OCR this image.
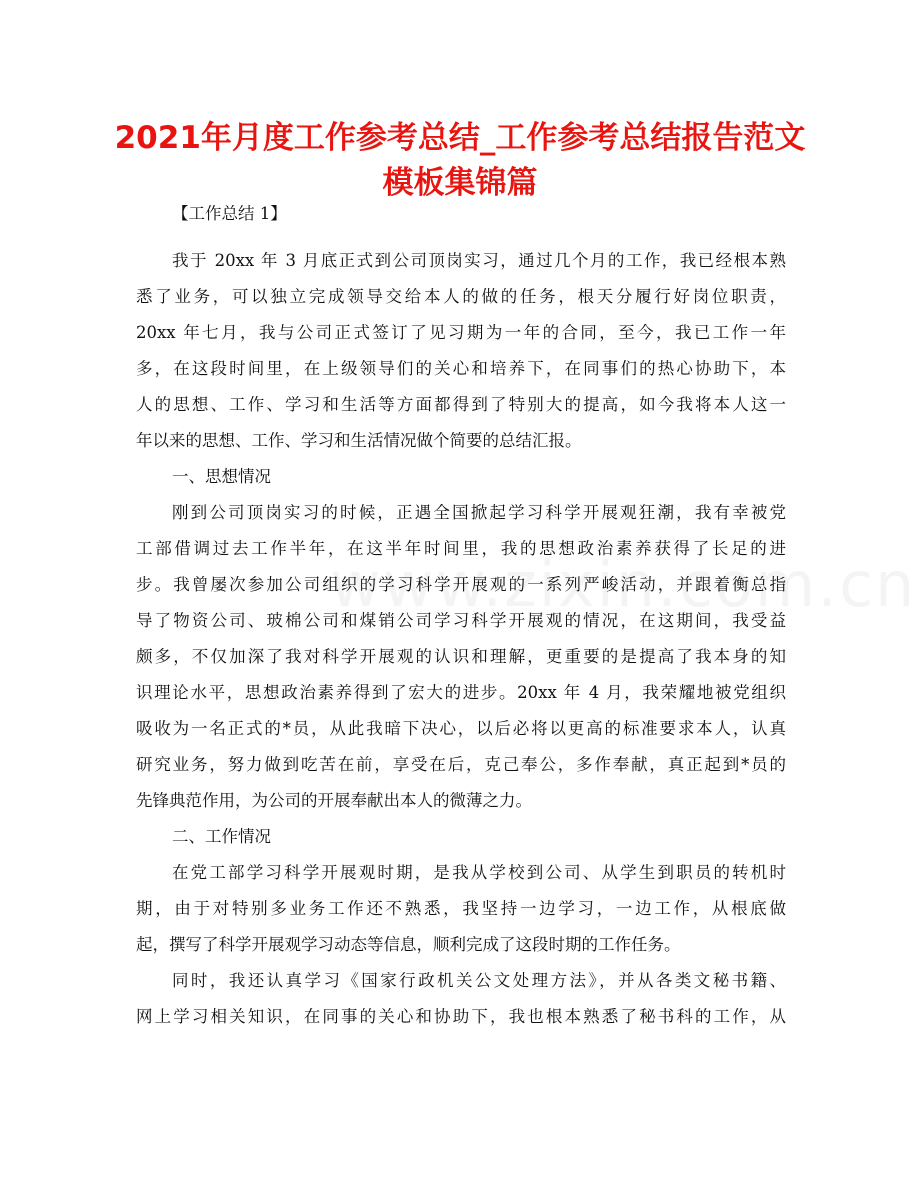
2021年月度工作参考总结_工作参考总结报告范文
模板集锦篇
【工作总结 1】
我于 20xx 年 3 月底正式到公司顶岗实习，通过几个月的工作，我已经根本熟
悉了业务，可以独立完成领导交给本人的做的任务，根天分履行好岗位职责，
20xx 年七月，我与公司正式签订了见习期为一年的合同，至今，我已工作一年
多，在这段时间里，在上级领导们的关心和培养下，在同事们的热心协助下，本
人的思想、工作、学习和生活等方面都得到了特别大的提高，如今我将本人这一
年以来的思想、工作、学习和生活情况做个简要的总结汇报。
一、思想情况
刚到公司顶岗实习的时候，正遇全国掀起学习科学开展观狂潮，我有幸被党
工部借调过去工作半年，在这半年时间里，我的思想政治素养获得了长足的进
步。我曾屡次参加公司组织的学习科学开展观的一系列严峻活动，并跟着衡总指
导了物资公司、玻棉公司和煤销公司学习科学开展观的情况，在这期间，我受益
颇多，不仅加深了我对科学开展观的认识和理解，更重要的是提高了我本身的知
识理论水平，思想政治素养得到了宏大的进步。20xx 年 4 月，我荣耀地被党组织
吸收为一名正式的*员，从此我暗下决心，以后必将以更高的标准要求本人，认真
研究业务，努力做到吃苦在前，享受在后，克己奉公，多作奉献，真正起到*员的
先锋典范作用，为公司的开展奉献出本人的微薄之力。
二、工作情况
在党工部学习科学开展观时期，是我从学校到公司、从学生到职员的转机时
期，由于对特别多业务工作还不熟悉，我坚持一边学习，一边工作，从根底做
起，撰写了科学开展观学习动态等信息，顺利完成了这段时期的工作任务。
同时，我还认真学习《国家行政机关公文处理方法》，并从各类文秘书籍、
网上学习相关知识，在同事的关心和协助下，我也根本熟悉了秘书科的工作，从
